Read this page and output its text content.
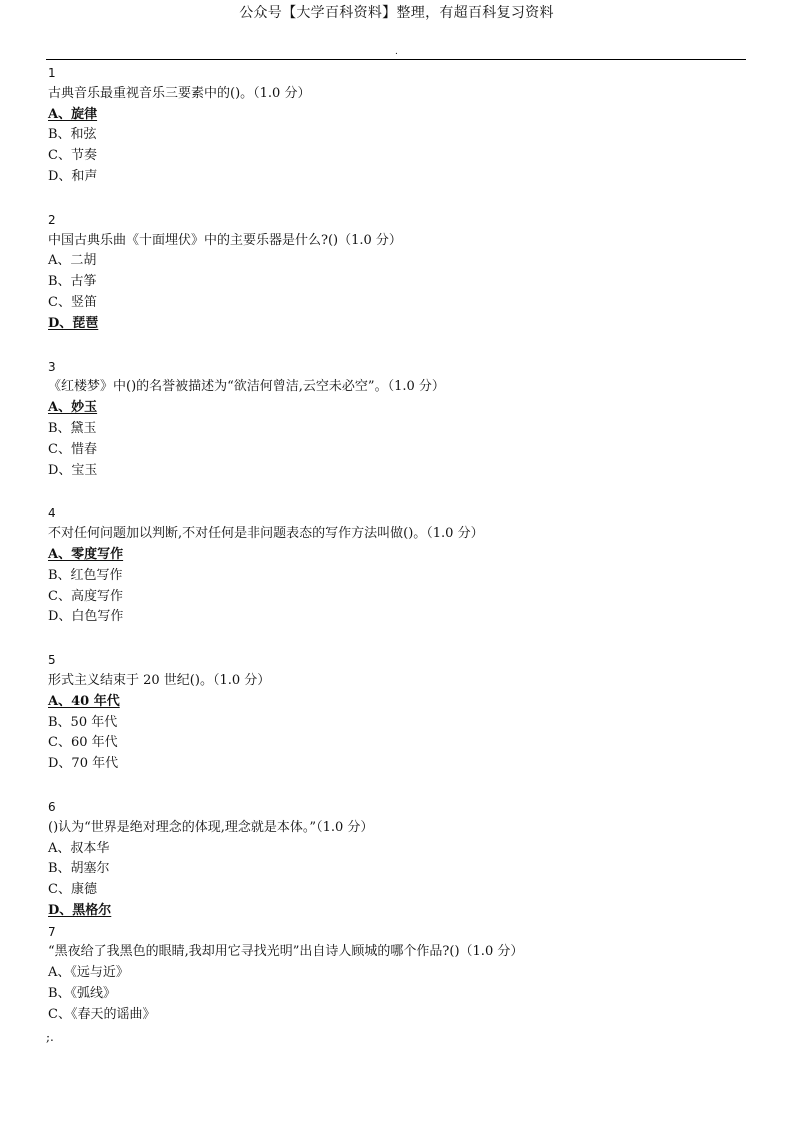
公众号【大学百科资料】整理，有超百科复习资料
.
1
古典音乐最重视音乐三要素中的()。（1.0 分）
A、旋律
B、和弦
C、节奏
D、和声
2
中国古典乐曲《十面埋伏》中的主要乐器是什么?()（1.0 分）
A、二胡
B、古筝
C、竖笛
D、琵琶
3
《红楼梦》中()的名誉被描述为“欲洁何曾洁,云空未必空”。（1.0 分）
A、妙玉
B、黛玉
C、惜春
D、宝玉
4
不对任何问题加以判断,不对任何是非问题表态的写作方法叫做()。（1.0 分）
A、零度写作
B、红色写作
C、高度写作
D、白色写作
5
形式主义结束于 20 世纪()。（1.0 分）
A、40 年代
B、50 年代
C、60 年代
D、70 年代
6
()认为“世界是绝对理念的体现,理念就是本体。”（1.0 分）
A、叔本华
B、胡塞尔
C、康德
D、黑格尔
7
“黑夜给了我黑色的眼睛,我却用它寻找光明”出自诗人顾城的哪个作品?()（1.0 分）
A、《远与近》
B、《弧线》
C、《春天的谣曲》
;.
